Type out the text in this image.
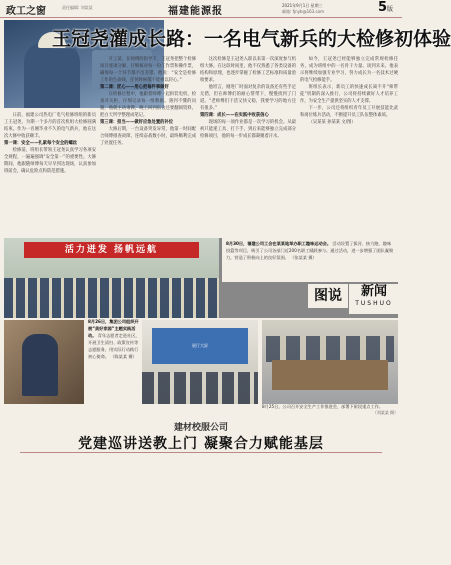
政工之窗	责任编辑: 刘某某	福建能源报
2021年9月1日 星期三
邮箱: fjnyb@163.com	5版
王冠尧灌成长路：一名电气新兵的大检修初体验

日前，福建公司热电厂电气检修班组的新员工王冠尧，为期一个多月的首次机组大检修圆满结束。作为一名刚毕业不久的电气新兵，他在这次大修中收获颇丰。

第一课：安全——扎紧每个安全的螺丝

检修前，班组长带领王冠尧认真学习各项安全规程，一遍遍强调“安全第一”的重要性。大修期间，他跟随师傅每天早早到达现场，认真参加班前会，确认危险点和防范措施。

开工前，在师傅的指导下，王冠尧把整个检修项目逐项分解，仔细核对每一份工作票和操作票，确保每一个环节都不出差错。他说：“安全是检修工作的生命线，任何时候都不能掉以轻心。”

第二课：匠心——用心把每件事做好

在检修过程中，他跟着师傅一起拆装电机、检查开关柜，仔细记录每一组数据。遇到不懂的问题，他就主动请教，晚上回到宿舍还要翻阅资料，把白天所学整理成笔记。

第三课：担当——做好应急处置的补位

大修后期，一台设备突发异常，他第一时间配合师傅排查故障，连续奋战数小时，最终顺利完成了处置任务。

这次检修是王冠尧入职以来第一次深度参与机组大修。在这段时间里，他不仅熟悉了各类设备的结构和原理，也逐步掌握了检修工艺标准和质量验收要求。

他坦言，刚进厂时面对复杂的设备还有些手足无措，但在师傅们的耐心帮带下，慢慢找到了门道。“老师傅们干活又快又稳，我要学习的地方还有很多。”

第四课：成长——在实践中收获信心

现场的每一项作业都是一次学习的机会。从最初只能递工具、打下手，到后来能够独立完成部分检修项目，他的每一步成长都凝聚着汗水。

如今，王冠尧已经能够独立完成常规检修任务，成为班组中的一名骨干力量。谈到未来，他表示将继续加强专业学习，努力成长为一名技术过硬的电气检修能手。

班组长表示，新员工的快速成长离不开“师带徒”机制的深入推行，公司将持续做好人才培养工作，为安全生产提供坚实的人才支撑。

下一步，公司还将组织青年员工开展技能比武和岗位练兵活动，不断提升员工队伍整体素质。

（吴某某 孙某某 文/图）

活力迸发 扬帆远航
8月30日，福建公司工会在某某地举办职工趣味运动会。 活动设置了拔河、接力跑、趣味投篮等项目，吸引了公司各部门近200名职工踊跃参与。通过活动，进一步增强了团队凝聚力，营造了积极向上的良好氛围。 （张某某 摄）
图说	新闻
TUSHUO
8月26日，集团公司组织开展“美好家园”主题实践活动。 青年志愿者走进社区，开展卫生清扫、政策宣传等志愿服务，用实际行动践行初心使命。 （陈某某 摄）
展厅大屏
8月25日，公司召开安全生产工作推进会，部署下阶段重点工作。
（刘某某 摄）
建材校服公司
党建巡讲送教上门 凝聚合力赋能基层
